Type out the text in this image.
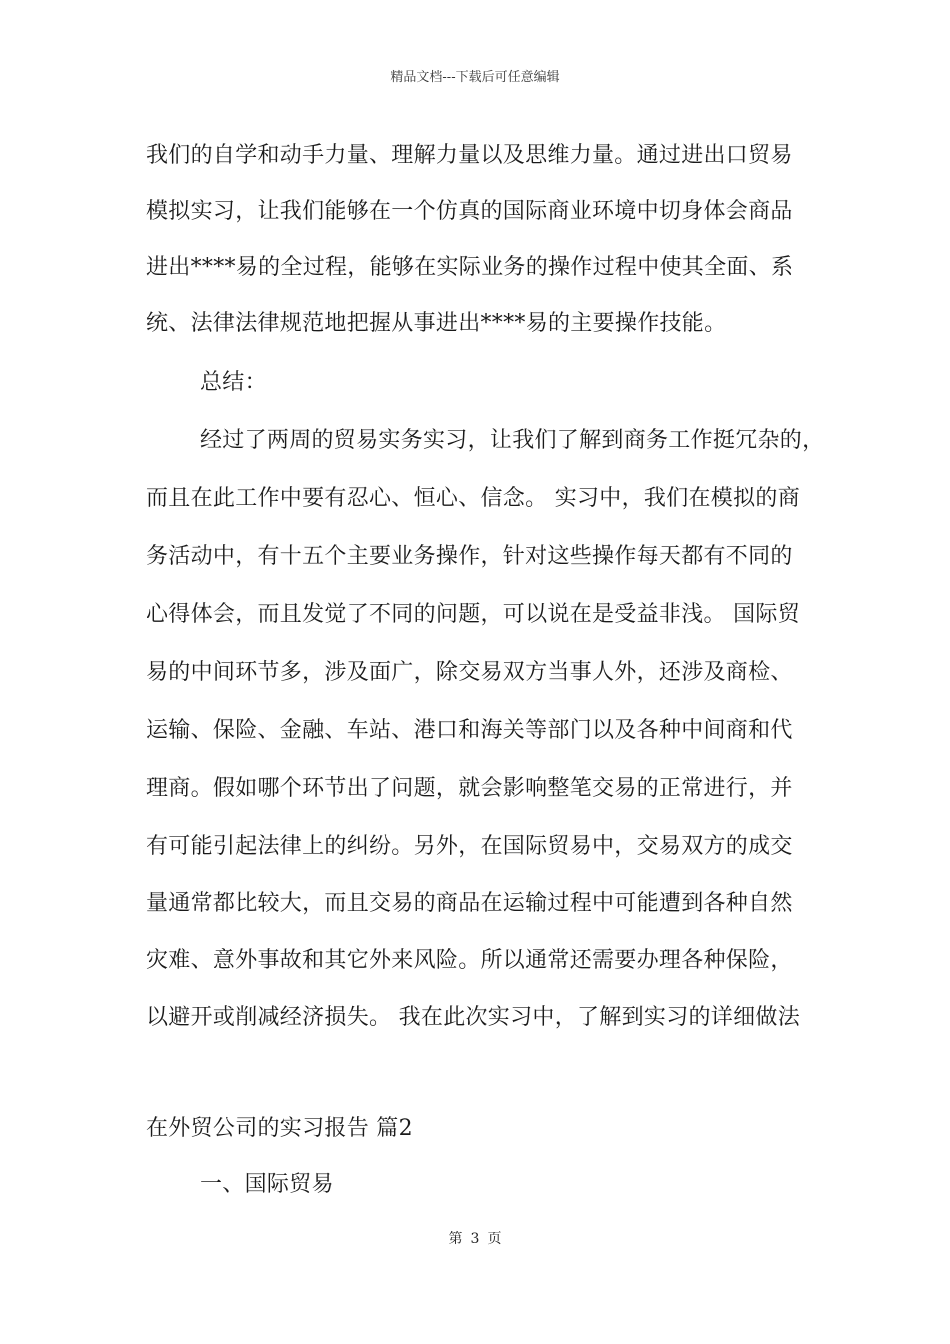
精品文档---下载后可任意编辑
我们的自学和动手力量、理解力量以及思维力量。通过进出口贸易
模拟实习，让我们能够在一个仿真的国际商业环境中切身体会商品
进出****易的全过程，能够在实际业务的操作过程中使其全面、系
统、法律法律规范地把握从事进出****易的主要操作技能。
总结：
经过了两周的贸易实务实习，让我们了解到商务工作挺冗杂的，
而且在此工作中要有忍心、恒心、信念。 实习中，我们在模拟的商
务活动中，有十五个主要业务操作，针对这些操作每天都有不同的
心得体会，而且发觉了不同的问题，可以说在是受益非浅。 国际贸
易的中间环节多，涉及面广，除交易双方当事人外，还涉及商检、
运输、保险、金融、车站、港口和海关等部门以及各种中间商和代
理商。假如哪个环节出了问题，就会影响整笔交易的正常进行，并
有可能引起法律上的纠纷。另外，在国际贸易中，交易双方的成交
量通常都比较大，而且交易的商品在运输过程中可能遭到各种自然
灾难、意外事故和其它外来风险。所以通常还需要办理各种保险，
以避开或削减经济损失。 我在此次实习中，了解到实习的详细做法
在外贸公司的实习报告 篇2
一、国际贸易
第 3 页
